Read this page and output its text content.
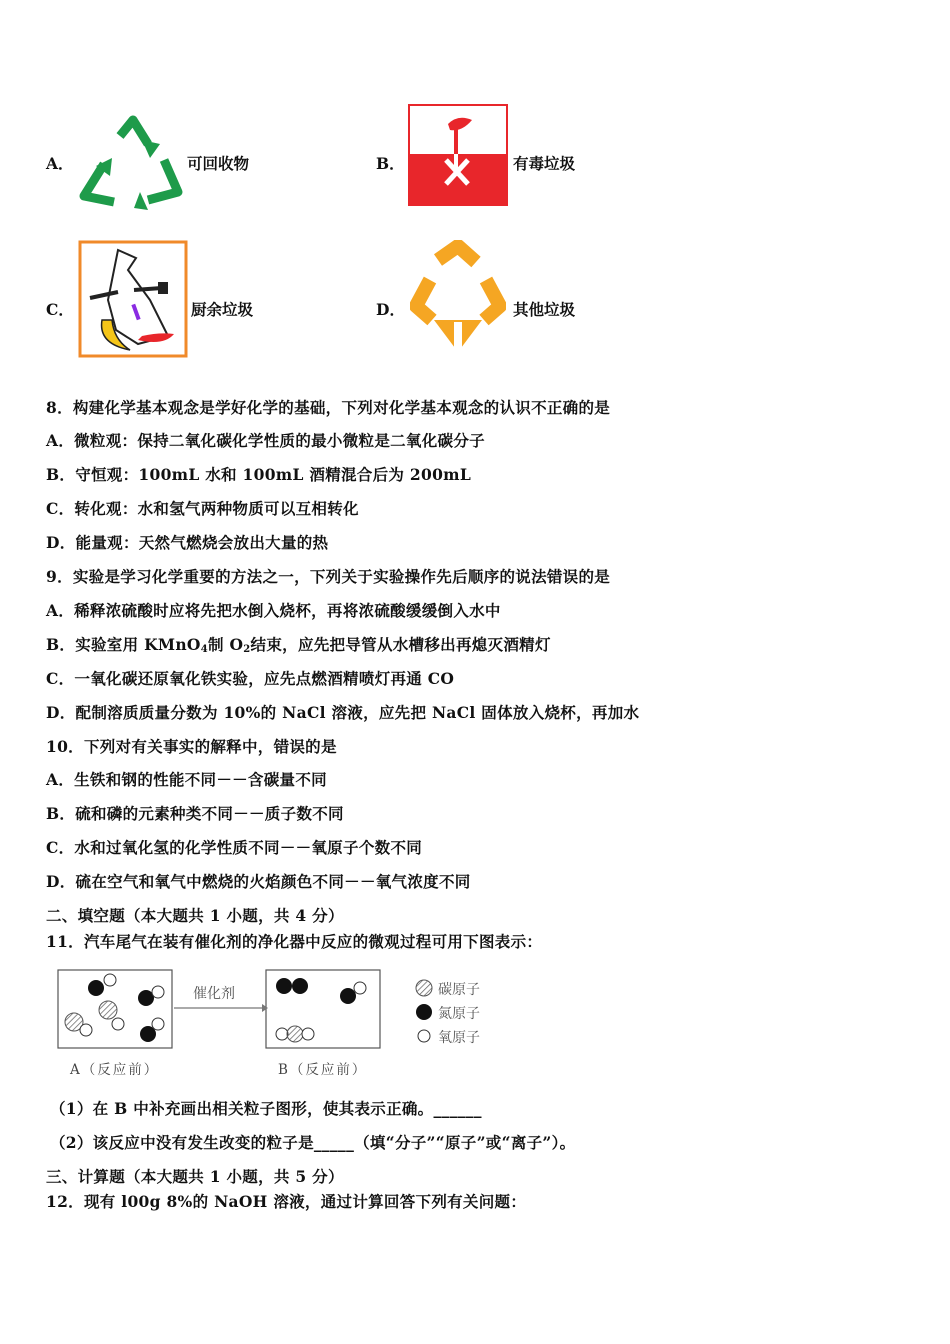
A．	可回收物	B．	有毒垃圾
C．	厨余垃圾	D．	其他垃圾
8．构建化学基本观念是学好化学的基础，下列对化学基本观念的认识不正确的是
A．微粒观：保持二氧化碳化学性质的最小微粒是二氧化碳分子
B．守恒观：100mL 水和 100mL 酒精混合后为 200mL
C．转化观：水和氢气两种物质可以互相转化
D．能量观：天然气燃烧会放出大量的热
9．实验是学习化学重要的方法之一，下列关于实验操作先后顺序的说法错误的是
A．稀释浓硫酸时应将先把水倒入烧杯，再将浓硫酸缓缓倒入水中
B．实验室用 KMnO$_4$制 $O_2$结束，应先把导管从水槽移出再熄灭酒精灯
C．一氧化碳还原氧化铁实验，应先点燃酒精喷灯再通 CO
D．配制溶质质量分数为 10%的 NaCl 溶液，应先把 NaCl 固体放入烧杯，再加水
10．下列对有关事实的解释中，错误的是
A．生铁和钢的性能不同－－含碳量不同
B．硫和磷的元素种类不同－－质子数不同
C．水和过氧化氢的化学性质不同－－氧原子个数不同
D．硫在空气和氧气中燃烧的火焰颜色不同－－氧气浓度不同
二、填空题（本大题共 1 小题，共 4 分）
11．汽车尾气在装有催化剂的净化器中反应的微观过程可用下图表示：
催化剂
A（反应前）	B（反应前）
碳原子
氮原子
氧原子
（1）在 B 中补充画出相关粒子图形，使其表示正确。______
（2）该反应中没有发生改变的粒子是_____（填“分子”“原子”或“离子”）。
三、计算题（本大题共 1 小题，共 5 分）
12．现有 l00g 8%的 NaOH 溶液，通过计算回答下列有关问题：
